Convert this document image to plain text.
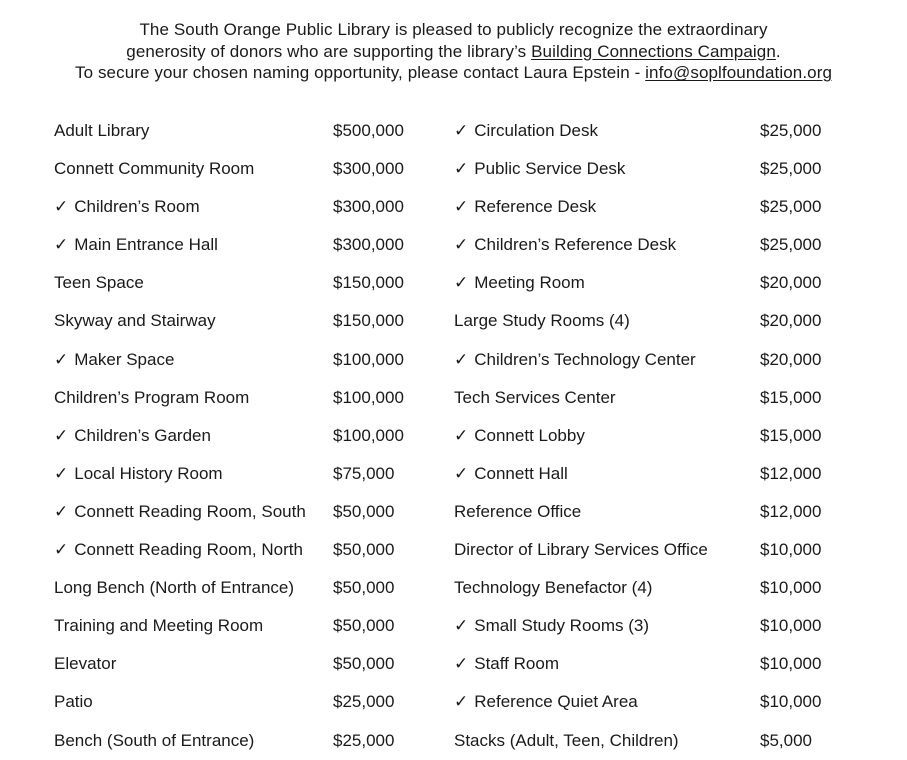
The South Orange Public Library is pleased to publicly recognize the extraordinary
generosity of donors who are supporting the library’s Building Connections Campaign.
To secure your chosen naming opportunity, please contact Laura Epstein - info@soplfoundation.org
Adult Library	$500,000
Connett Community Room	$300,000
✓ Children’s Room	$300,000
✓ Main Entrance Hall	$300,000
Teen Space	$150,000
Skyway and Stairway	$150,000
✓ Maker Space	$100,000
Children’s Program Room	$100,000
✓ Children’s Garden	$100,000
✓ Local History Room	$75,000
✓ Connett Reading Room, South $50,000
✓ Connett Reading Room, North $50,000
Long Bench (North of Entrance) $50,000
Training and Meeting Room	$50,000
Elevator	$50,000
Patio	$25,000
Bench (South of Entrance)	$25,000
✓ Circulation Desk	$25,000
✓ Public Service Desk	$25,000
✓ Reference Desk	$25,000
✓ Children’s Reference Desk	$25,000
✓ Meeting Room	$20,000
Large Study Rooms (4)	$20,000
✓ Children’s Technology Center	$20,000
Tech Services Center	$15,000
✓ Connett Lobby	$15,000
✓ Connett Hall	$12,000
Reference Office	$12,000
Director of Library Services Office	$10,000
Technology Benefactor (4)	$10,000
✓ Small Study Rooms (3)	$10,000
✓ Staff Room	$10,000
✓ Reference Quiet Area	$10,000
Stacks (Adult, Teen, Children)	$5,000
